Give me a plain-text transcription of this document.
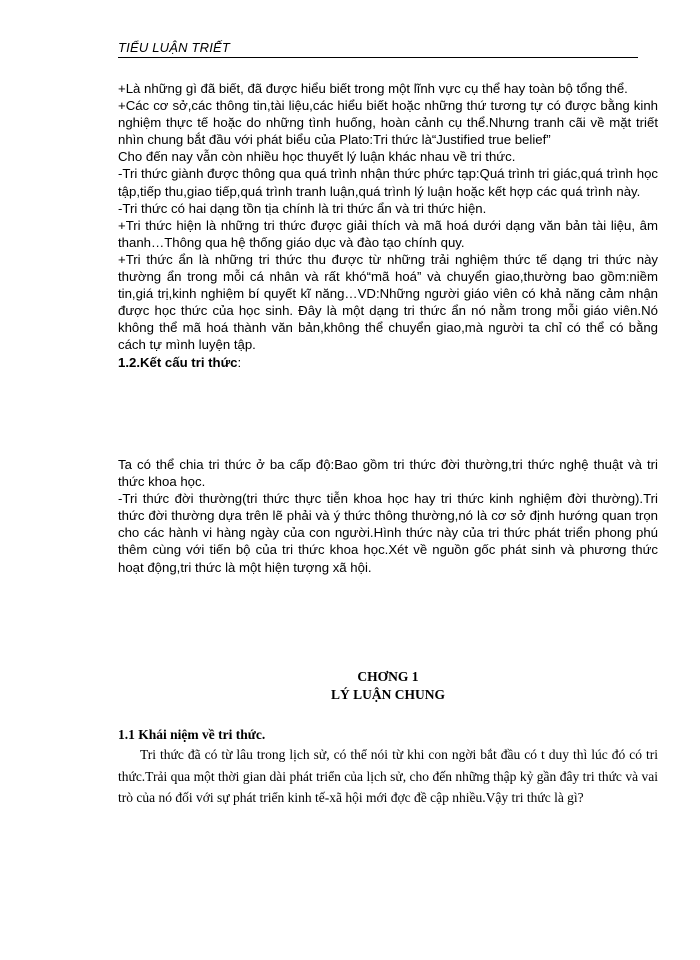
TIỂU LUẬN TRIẾT

+Là những gì đã biết, đã được hiểu biết trong một lĩnh vực cụ thể hay toàn bộ tổng thể.

+Các cơ sở,các thông tin,tài liệu,các hiểu biết hoặc những thứ tương tự có được bằng kinh nghiệm thực tế hoặc do những tình huống, hoàn cảnh cụ thể.Nhưng tranh cãi về mặt triết nhìn chung bắt đầu với phát biểu của Plato:Tri thức là“Justified true belief”

Cho đến nay vẫn còn nhiều học thuyết lý luận khác nhau về tri thức.

-Tri thức giành được thông qua quá trình nhận thức phức tạp:Quá trình tri giác,quá trình học tập,tiếp thu,giao tiếp,quá trình tranh luận,quá trình lý luận hoặc kết hợp các quá trình này.

-Tri thức có hai dạng tồn tịa chính là tri thức ẩn và tri thức hiện.

+Tri thức hiện là những tri thức được giải thích và mã hoá dưới dạng văn bản tài liệu, âm thanh…Thông qua hệ thống giáo dục và đào tạo chính quy.

+Tri thức ẩn là những tri thức thu được từ những trải nghiệm thức tế dạng tri thức này thường ẩn trong mỗi cá nhân và rất khó“mã hoá” và chuyển giao,thường bao gồm:niềm tin,giá trị,kinh nghiệm bí quyết kĩ năng…VD:Những người giáo viên có khả năng cảm nhận được học thức của học sinh. Đây là một dạng tri thức ẩn nó nằm trong mỗi giáo viên.Nó không thể mã hoá thành văn bản,không thể chuyển giao,mà người ta chỉ có thể có bằng cách tự mình luyện tập.

1.2.Kết cấu tri thức:

Ta có thể chia tri thức ở ba cấp độ:Bao gồm tri thức đời thường,tri thức nghệ thuật và tri thức khoa học.

-Tri thức đời thường(tri thức thực tiễn khoa học hay tri thức kinh nghiệm đời thường).Tri thức đời thường dựa trên lẽ phải và ý thức thông thường,nó là cơ sở định hướng quan trọn cho các hành vi hàng ngày của con người.Hình thức này của tri thức phát triển phong phú thêm cùng với tiến bộ của tri thức khoa học.Xét về nguồn gốc phát sinh và phương thức hoạt động,tri thức là một hiện tượng xã hội.

CHƠNG 1
LÝ LUẬN CHUNG
1.1 Khái niệm về tri thức.

Tri thức đã có từ lâu trong lịch sử, có thể nói từ khi con ngời bắt đầu có t duy thì lúc đó có tri thức.Trải qua một thời gian dài phát triển của lịch sử, cho đến những thập kỷ gần đây tri thức và vai trò của nó đối với sự phát triển kinh tế-xã hội mới đợc đề cập nhiều.Vậy tri thức là gì?
